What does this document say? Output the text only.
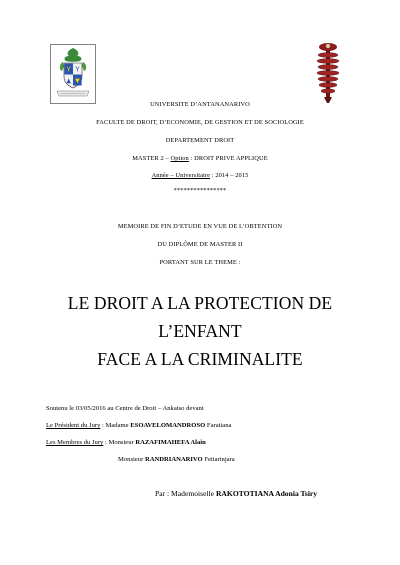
Y Y
▲ ▼
UNIVERSITE D’ANTANANARIVO
FACULTE DE DROIT, D’ECONOMIE, DE GESTION ET DE SOCIOLOGIE
DEPARTEMENT DROIT
MASTER 2 – Option : DROIT PRIVE APPLIQUE
Année – Universitaire : 2014 – 2015
****************
MEMOIRE DE FIN D’ETUDE EN VUE DE L’OBTENTION
DU DIPLÔME DE MASTER II
PORTANT SUR LE THEME :
LE DROIT A LA PROTECTION DE
L’ENFANT
FACE A LA CRIMINALITE
Soutenu le 03/05/2016 au Centre de Droit – Ankatso devant
Le Président du Jury : Madame ESOAVELOMANDROSO Faratiana
Les Membres du Jury : Monsieur RAZAFIMAHEFA Alain
Monsieur RANDRIANARIVO Fetiarinjara
Par : Mademoiselle RAKOTOTIANA Adonia Tsiry
